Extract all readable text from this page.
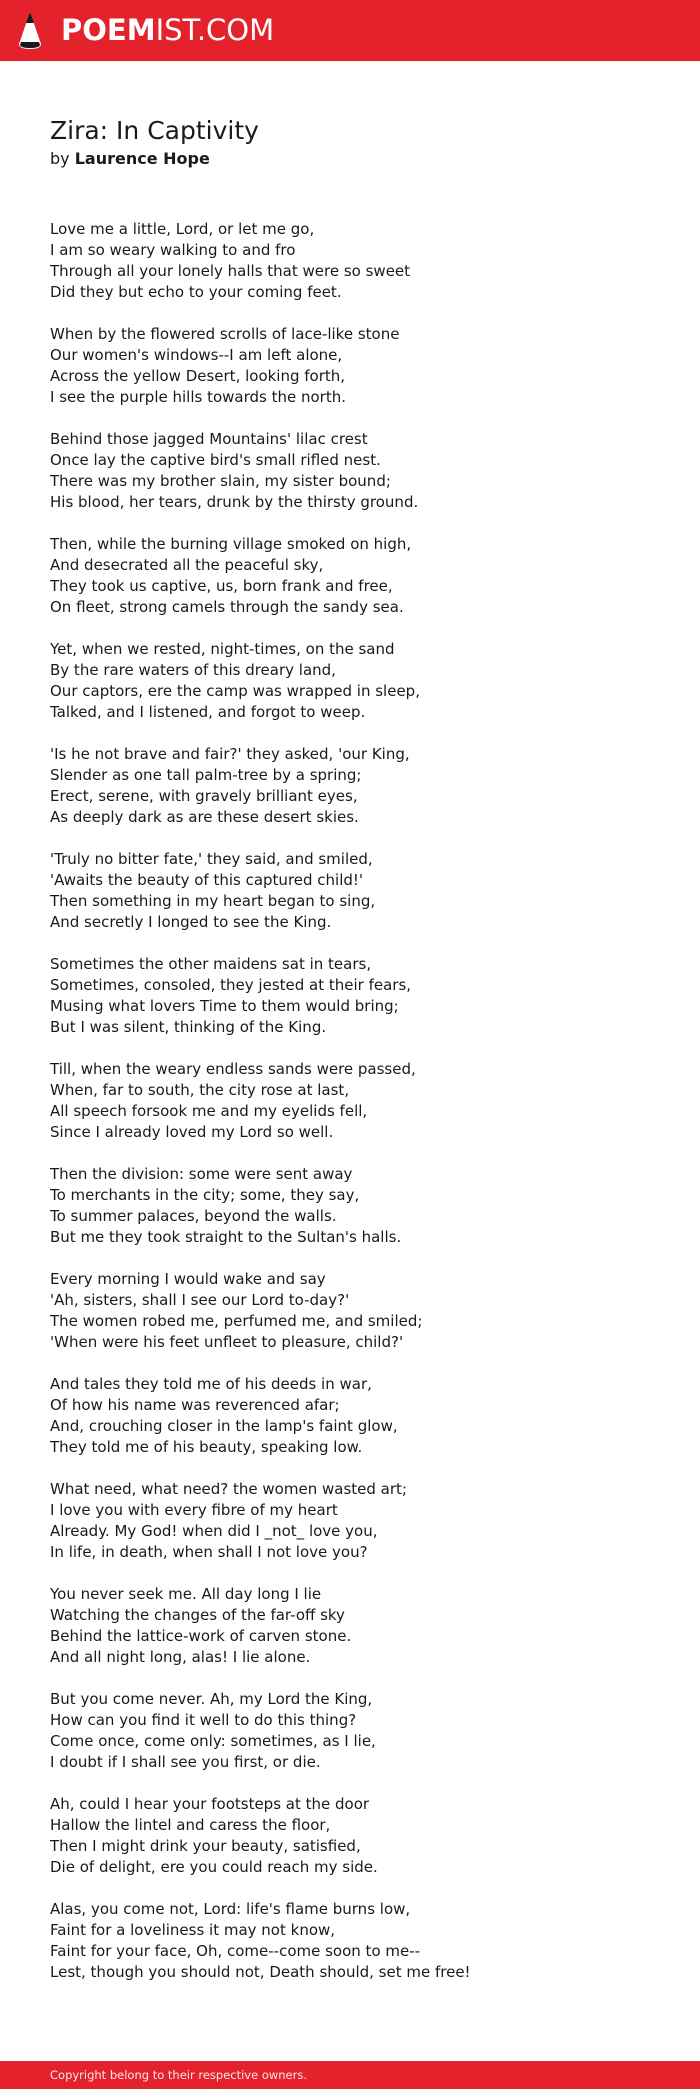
POEMIST.COM
Zira: In Captivity
by Laurence Hope
Love me a little, Lord, or let me go,
I am so weary walking to and fro
Through all your lonely halls that were so sweet
Did they but echo to your coming feet.
When by the flowered scrolls of lace-like stone
Our women's windows--I am left alone,
Across the yellow Desert, looking forth,
I see the purple hills towards the north.
Behind those jagged Mountains' lilac crest
Once lay the captive bird's small rifled nest.
There was my brother slain, my sister bound;
His blood, her tears, drunk by the thirsty ground.
Then, while the burning village smoked on high,
And desecrated all the peaceful sky,
They took us captive, us, born frank and free,
On fleet, strong camels through the sandy sea.
Yet, when we rested, night-times, on the sand
By the rare waters of this dreary land,
Our captors, ere the camp was wrapped in sleep,
Talked, and I listened, and forgot to weep.
'Is he not brave and fair?' they asked, 'our King,
Slender as one tall palm-tree by a spring;
Erect, serene, with gravely brilliant eyes,
As deeply dark as are these desert skies.
'Truly no bitter fate,' they said, and smiled,
'Awaits the beauty of this captured child!'
Then something in my heart began to sing,
And secretly I longed to see the King.
Sometimes the other maidens sat in tears,
Sometimes, consoled, they jested at their fears,
Musing what lovers Time to them would bring;
But I was silent, thinking of the King.
Till, when the weary endless sands were passed,
When, far to south, the city rose at last,
All speech forsook me and my eyelids fell,
Since I already loved my Lord so well.
Then the division: some were sent away
To merchants in the city; some, they say,
To summer palaces, beyond the walls.
But me they took straight to the Sultan's halls.
Every morning I would wake and say
'Ah, sisters, shall I see our Lord to-day?'
The women robed me, perfumed me, and smiled;
'When were his feet unfleet to pleasure, child?'
And tales they told me of his deeds in war,
Of how his name was reverenced afar;
And, crouching closer in the lamp's faint glow,
They told me of his beauty, speaking low.
What need, what need? the women wasted art;
I love you with every fibre of my heart
Already. My God! when did I _not_ love you,
In life, in death, when shall I not love you?
You never seek me. All day long I lie
Watching the changes of the far-off sky
Behind the lattice-work of carven stone.
And all night long, alas! I lie alone.
But you come never. Ah, my Lord the King,
How can you find it well to do this thing?
Come once, come only: sometimes, as I lie,
I doubt if I shall see you first, or die.
Ah, could I hear your footsteps at the door
Hallow the lintel and caress the floor,
Then I might drink your beauty, satisfied,
Die of delight, ere you could reach my side.
Alas, you come not, Lord: life's flame burns low,
Faint for a loveliness it may not know,
Faint for your face, Oh, come--come soon to me--
Lest, though you should not, Death should, set me free!
Copyright belong to their respective owners.
